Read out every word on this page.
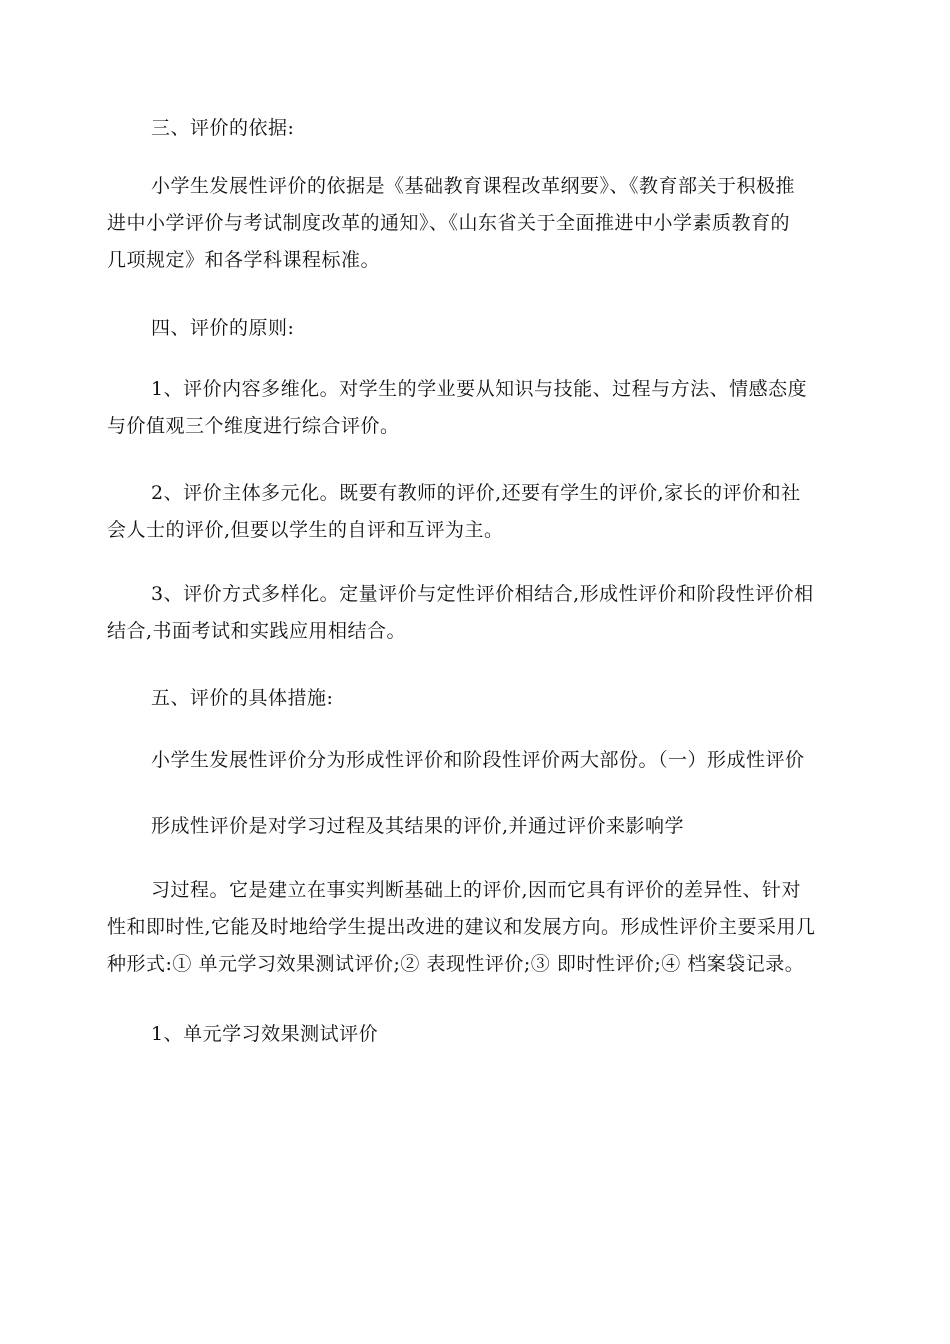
三、评价的依据:

小学生发展性评价的依据是《基础教育课程改革纲要》、《教育部关于积极推
进中小学评价与考试制度改革的通知》、《山东省关于全面推进中小学素质教育的
几项规定》和各学科课程标准。

四、评价的原则:

1、评价内容多维化。对学生的学业要从知识与技能、过程与方法、情感态度
与价值观三个维度进行综合评价。

2、评价主体多元化。既要有教师的评价,还要有学生的评价,家长的评价和社
会人士的评价,但要以学生的自评和互评为主。

3、评价方式多样化。定量评价与定性评价相结合,形成性评价和阶段性评价相
结合,书面考试和实践应用相结合。

五、评价的具体措施:

小学生发展性评价分为形成性评价和阶段性评价两大部份。（一）形成性评价

形成性评价是对学习过程及其结果的评价,并通过评价来影响学

习过程。它是建立在事实判断基础上的评价,因而它具有评价的差异性、针对
性和即时性,它能及时地给学生提出改进的建议和发展方向。形成性评价主要采用几
种形式:① 单元学习效果测试评价;② 表现性评价;③ 即时性评价;④ 档案袋记录。

1、单元学习效果测试评价
